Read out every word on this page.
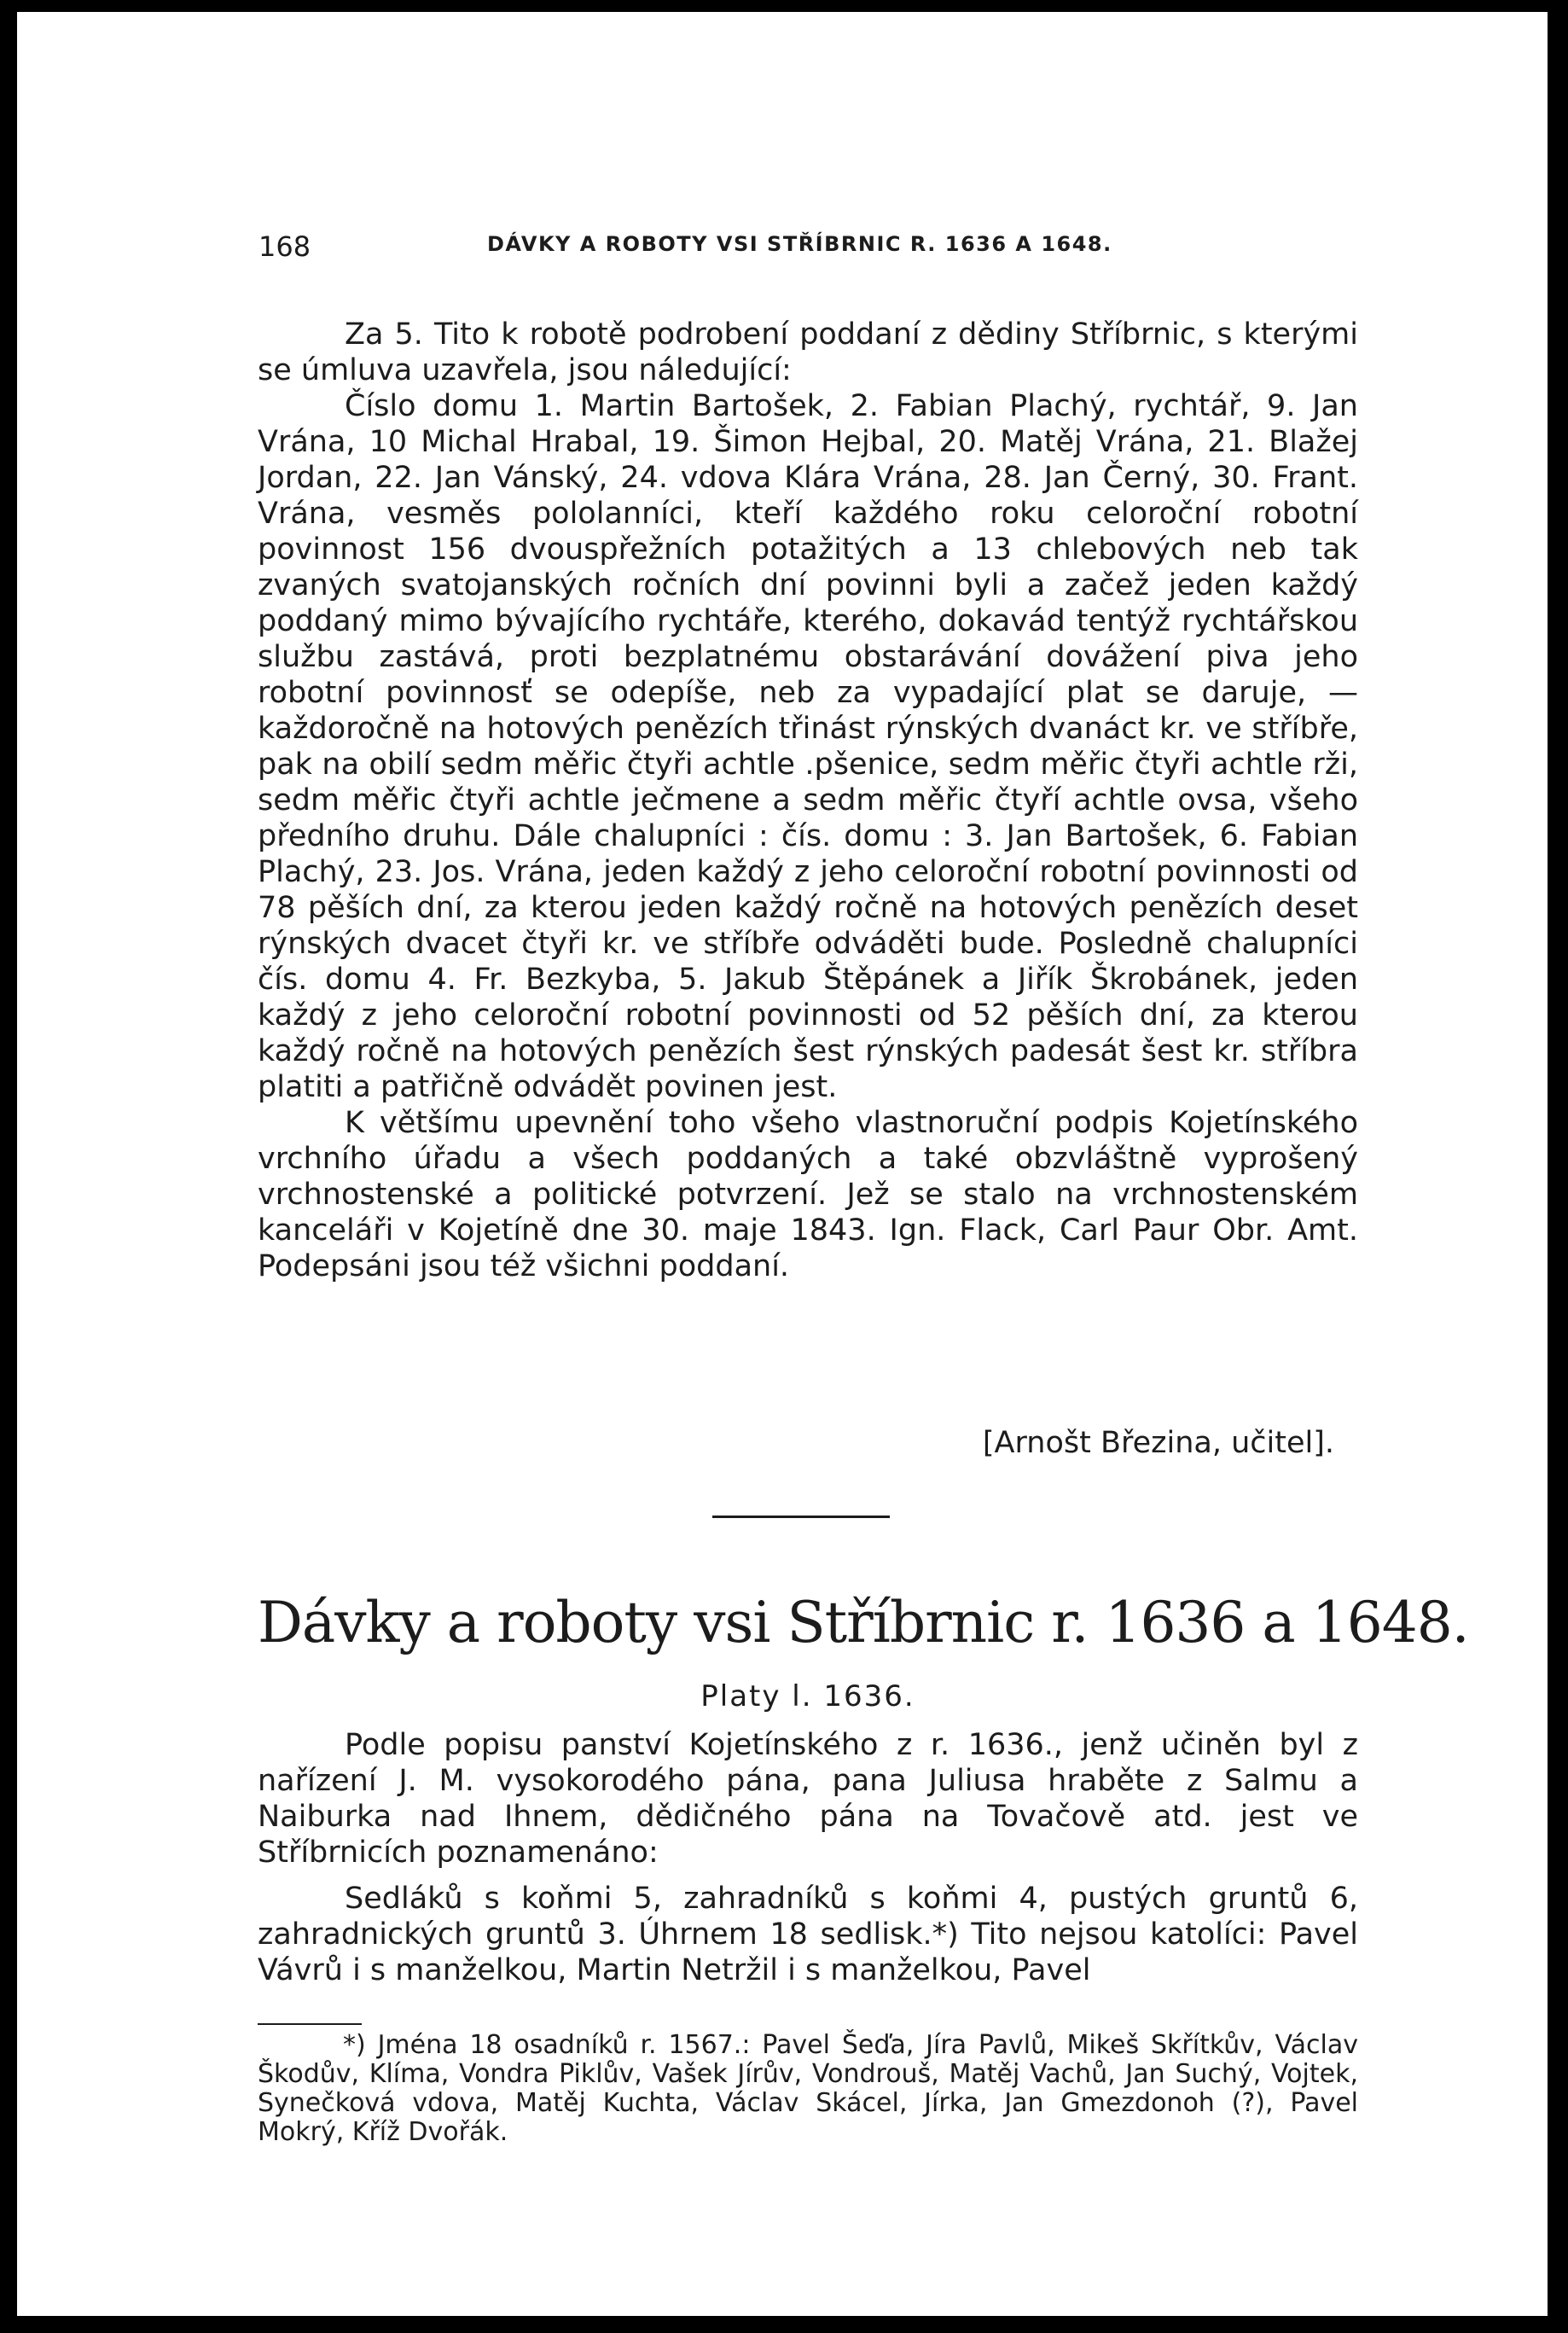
168	DÁVKY A ROBOTY VSI STŘÍBRNIC R. 1636 A 1648.

Za 5. Tito k robotě podrobení poddaní z dědiny Stříbrnic, s kterými se úmluva uzavřela, jsou náledující:

Číslo domu 1. Martin Bartošek, 2. Fabian Plachý, rychtář, 9. Jan Vrána, 10 Michal Hrabal, 19. Šimon Hejbal, 20. Matěj Vrána, 21. Blažej Jordan, 22. Jan Vánský, 24. vdova Klára Vrána, 28. Jan Černý, 30. Frant. Vrána, vesměs pololanníci, kteří každého roku celoroční robotní povinnost 156 dvouspřežních potažitých a 13 chlebových neb tak zvaných svatojanských ročních dní povinni byli a začež jeden každý poddaný mimo bývajícího rychtáře, kterého, dokavád tentýž rychtářskou službu zastává, proti bezplatnému obstarávání dovážení piva jeho robotní povinnosť se odepíše, neb za vypadající plat se daruje, — každoročně na hotových penězích třinást rýnských dvanáct kr. ve stříbře, pak na obilí sedm měřic čtyři achtle .pšenice, sedm měřic čtyři achtle rži, sedm měřic čtyři achtle ječmene a sedm měřic čtyří achtle ovsa, všeho předního druhu. Dále chalupníci : čís. domu : 3. Jan Bartošek, 6. Fabian Plachý, 23. Jos. Vrána, jeden každý z jeho celoroční robotní povinnosti od 78 pěších dní, za kterou jeden každý ročně na hotových penězích deset rýnských dvacet čtyři kr. ve stříbře odváděti bude. Posledně chalupníci čís. domu 4. Fr. Bezkyba, 5. Jakub Štěpánek a Jiřík Škrobánek, jeden každý z jeho celoroční robotní povinnosti od 52 pěších dní, za kterou každý ročně na hotových penězích šest rýnských padesát šest kr. stříbra platiti a patřičně odvádět povinen jest.

K většímu upevnění toho všeho vlastnoruční podpis Kojetínského vrchního úřadu a všech poddaných a také obzvláštně vyprošený vrchnostenské a politické potvrzení. Jež se stalo na vrchnostenském kanceláři v Kojetíně dne 30. maje 1843. Ign. Flack, Carl Paur Obr. Amt. Podepsáni jsou též všichni poddaní.

[Arnošt Březina, učitel].
Dávky a roboty vsi Stříbrnic r. 1636 a 1648.
Platy l. 1636.

Podle popisu panství Kojetínského z r. 1636., jenž učiněn byl z nařízení J. M. vysokorodého pána, pana Juliusa hraběte z Salmu a Naiburka nad Ihnem, dědičného pána na Tovačově atd. jest ve Stříbrnicích poznamenáno:

Sedláků s koňmi 5, zahradníků s koňmi 4, pustých gruntů 6, zahradnických gruntů 3. Úhrnem 18 sedlisk.*) Tito nejsou katolíci: Pavel Vávrů i s manželkou, Martin Netržil i s manželkou, Pavel

*) Jména 18 osadníků r. 1567.: Pavel Šeďa, Jíra Pavlů, Mikeš Skřítkův, Václav Škodův, Klíma, Vondra Piklův, Vašek Jírův, Vondrouš, Matěj Vachů, Jan Suchý, Vojtek, Synečková vdova, Matěj Kuchta, Václav Skácel, Jírka, Jan Gmezdonoh (?), Pavel Mokrý, Kříž Dvořák.
